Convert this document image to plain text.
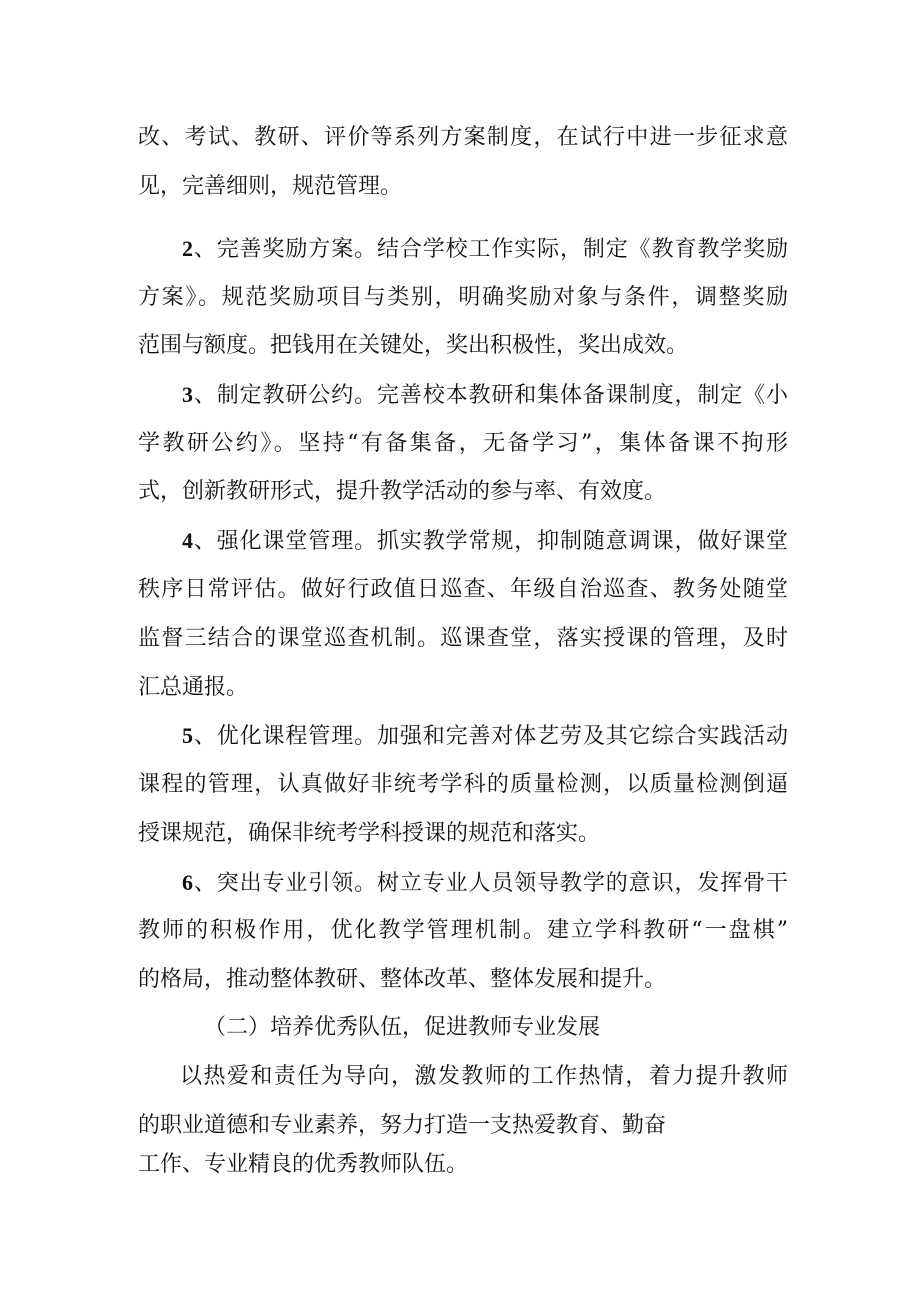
改、考试、教研、评价等系列方案制度，在试行中进一步征求意
见，完善细则，规范管理。
2、完善奖励方案。结合学校工作实际，制定《教育教学奖励
方案》。规范奖励项目与类别，明确奖励对象与条件，调整奖励
范围与额度。把钱用在关键处，奖出积极性，奖出成效。
3、制定教研公约。完善校本教研和集体备课制度，制定《小
学教研公约》。坚持“有备集备，无备学习”，集体备课不拘形
式，创新教研形式，提升教学活动的参与率、有效度。
4、强化课堂管理。抓实教学常规，抑制随意调课，做好课堂
秩序日常评估。做好行政值日巡查、年级自治巡查、教务处随堂
监督三结合的课堂巡查机制。巡课查堂，落实授课的管理，及时
汇总通报。
5、优化课程管理。加强和完善对体艺劳及其它综合实践活动
课程的管理，认真做好非统考学科的质量检测，以质量检测倒逼
授课规范，确保非统考学科授课的规范和落实。
6、突出专业引领。树立专业人员领导教学的意识，发挥骨干
教师的积极作用，优化教学管理机制。建立学科教研“一盘棋”
的格局，推动整体教研、整体改革、整体发展和提升。
（二）培养优秀队伍，促进教师专业发展
以热爱和责任为导向，激发教师的工作热情，着力提升教师
的职业道德和专业素养，努力打造一支热爱教育、勤奋
工作、专业精良的优秀教师队伍。
